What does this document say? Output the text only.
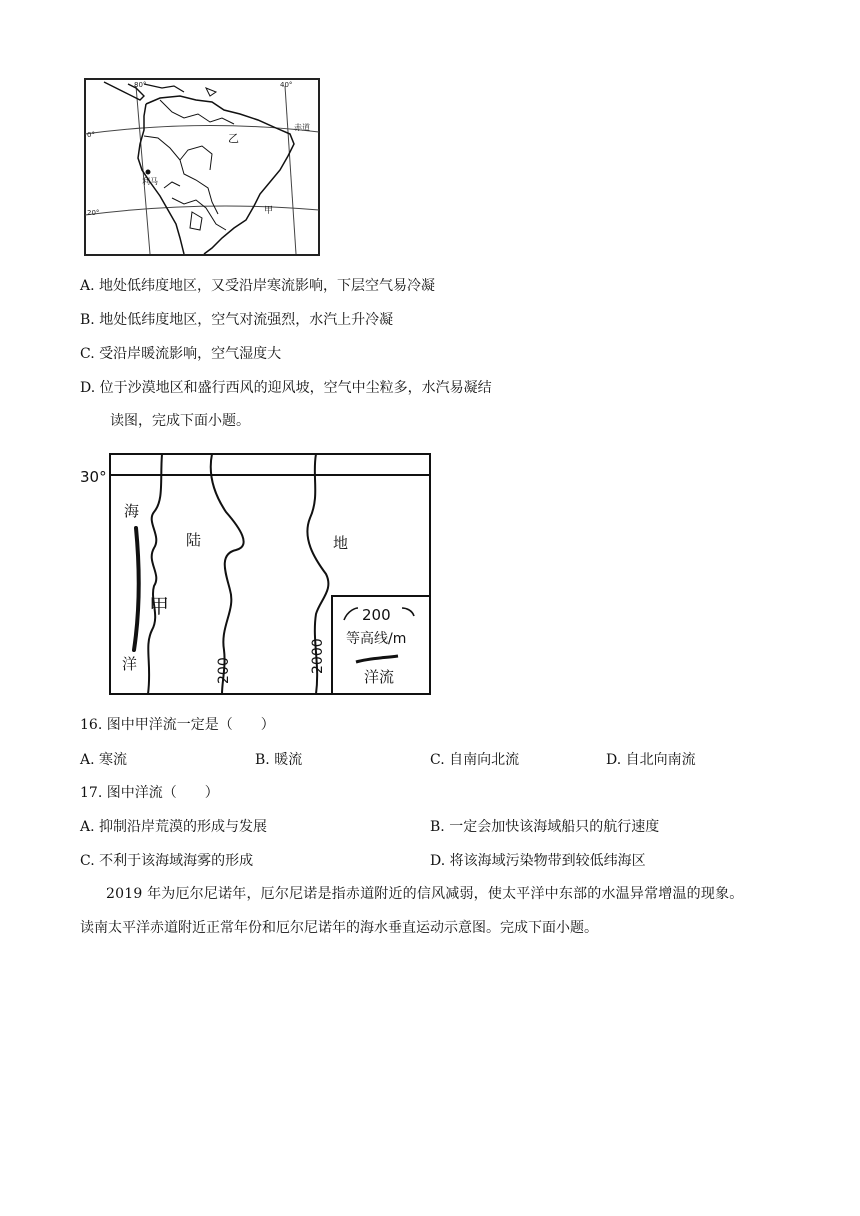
80°	40°
0°
20°
赤道
乙
利马
甲
A. 地处低纬度地区，又受沿岸寒流影响，下层空气易冷凝
B. 地处低纬度地区，空气对流强烈，水汽上升冷凝
C. 受沿岸暖流影响，空气湿度大
D. 位于沙漠地区和盛行西风的迎风坡，空气中尘粒多，水汽易凝结
读图，完成下面小题。
30°
海
洋
甲
陆	地
200	2000
200
等高线/m
洋流
16. 图中甲洋流一定是（　　）
A. 寒流	B. 暖流	C. 自南向北流	D. 自北向南流
17. 图中洋流（　　）
A. 抑制沿岸荒漠的形成与发展	B. 一定会加快该海域船只的航行速度
C. 不利于该海域海雾的形成	D. 将该海域污染物带到较低纬海区
2019 年为厄尔尼诺年，厄尔尼诺是指赤道附近的信风减弱，使太平洋中东部的水温异常增温的现象。
读南太平洋赤道附近正常年份和厄尔尼诺年的海水垂直运动示意图。完成下面小题。
